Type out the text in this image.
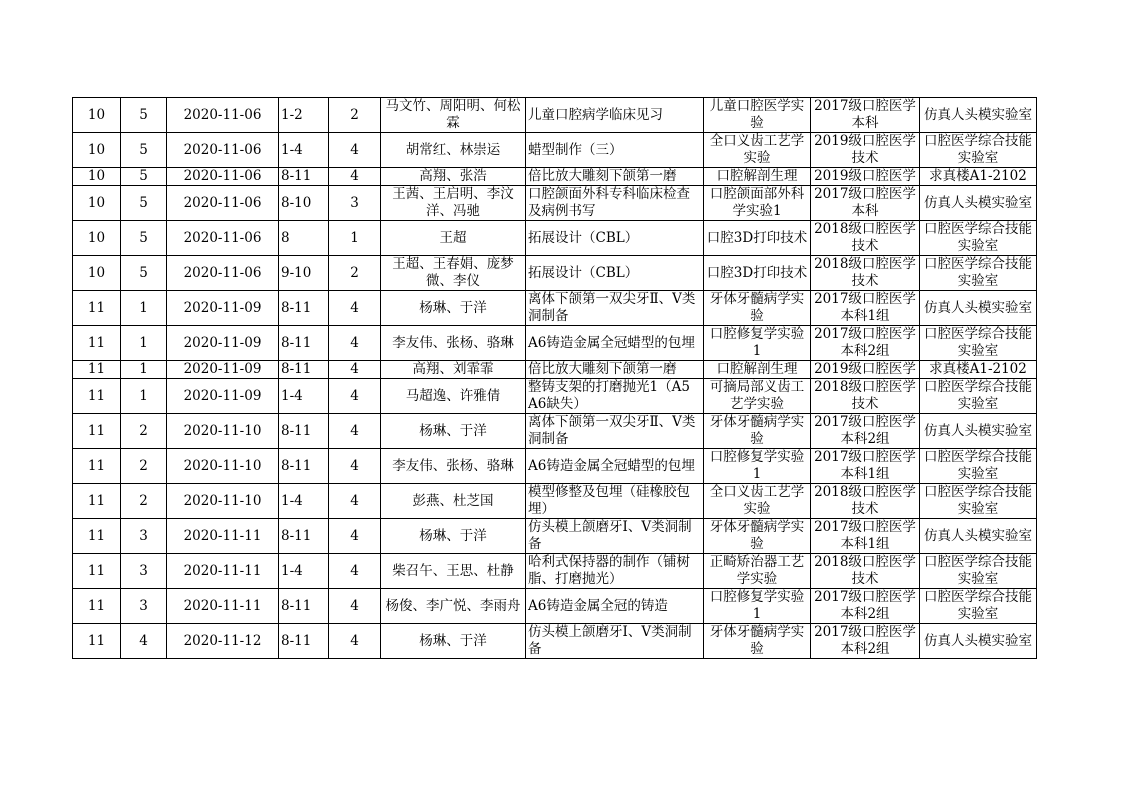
10	5	2020-11-06	1-2	2	马文竹、周阳明、何松霖	儿童口腔病学临床见习	儿童口腔医学实验	2017级口腔医学本科	仿真人头模实验室
10	5	2020-11-06	1-4	4	胡常红、林崇运	蜡型制作（三）	全口义齿工艺学实验	2019级口腔医学技术	口腔医学综合技能实验室
10	5	2020-11-06	8-11	4	高翔、张浩	倍比放大雕刻下颌第一磨	口腔解剖生理	2019级口腔医学	求真楼A1-2102
10	5	2020-11-06	8-10	3	王茜、王启明、李汶洋、冯驰	口腔颌面外科专科临床检查及病例书写	口腔颌面部外科学实验1	2017级口腔医学本科	仿真人头模实验室
10	5	2020-11-06	8	1	王超	拓展设计（CBL）	口腔3D打印技术	2018级口腔医学技术	口腔医学综合技能实验室
10	5	2020-11-06	9-10	2	王超、王春娟、庞梦微、李仪	拓展设计（CBL）	口腔3D打印技术	2018级口腔医学技术	口腔医学综合技能实验室
11	1	2020-11-09	8-11	4	杨琳、于洋	离体下颌第一双尖牙Ⅱ、Ⅴ类洞制备	牙体牙髓病学实验	2017级口腔医学本科1组	仿真人头模实验室
11	1	2020-11-09	8-11	4	李友伟、张杨、骆琳	A6铸造金属全冠蜡型的包埋	口腔修复学实验1	2017级口腔医学本科2组	口腔医学综合技能实验室
11	1	2020-11-09	8-11	4	高翔、刘霏霏	倍比放大雕刻下颌第一磨	口腔解剖生理	2019级口腔医学	求真楼A1-2102
11	1	2020-11-09	1-4	4	马超逸、许雅倩	整铸支架的打磨抛光1（A5 A6缺失）	可摘局部义齿工艺学实验	2018级口腔医学技术	口腔医学综合技能实验室
11	2	2020-11-10	8-11	4	杨琳、于洋	离体下颌第一双尖牙Ⅱ、Ⅴ类洞制备	牙体牙髓病学实验	2017级口腔医学本科2组	仿真人头模实验室
11	2	2020-11-10	8-11	4	李友伟、张杨、骆琳	A6铸造金属全冠蜡型的包埋	口腔修复学实验1	2017级口腔医学本科1组	口腔医学综合技能实验室
11	2	2020-11-10	1-4	4	彭燕、杜芝国	模型修整及包埋（硅橡胶包埋）	全口义齿工艺学实验	2018级口腔医学技术	口腔医学综合技能实验室
11	3	2020-11-11	8-11	4	杨琳、于洋	仿头模上颌磨牙Ⅰ、Ⅴ类洞制备	牙体牙髓病学实验	2017级口腔医学本科1组	仿真人头模实验室
11	3	2020-11-11	1-4	4	柴召午、王思、杜静	哈利式保持器的制作（铺树脂、打磨抛光）	正畸矫治器工艺学实验	2018级口腔医学技术	口腔医学综合技能实验室
11	3	2020-11-11	8-11	4	杨俊、李广悦、李雨舟	A6铸造金属全冠的铸造	口腔修复学实验1	2017级口腔医学本科2组	口腔医学综合技能实验室
11	4	2020-11-12	8-11	4	杨琳、于洋	仿头模上颌磨牙Ⅰ、Ⅴ类洞制备	牙体牙髓病学实验	2017级口腔医学本科2组	仿真人头模实验室
